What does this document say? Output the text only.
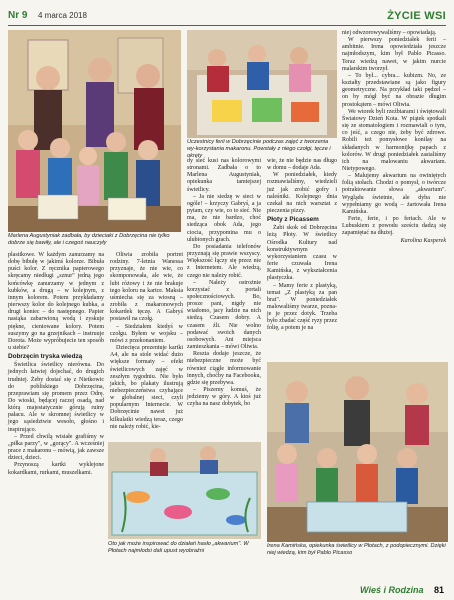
Nr 9 4 marca 2018	ŻYCIE WSI
Marlena Augustyniak zadbała, by dzieciaki z Dobrzęcina nie tylko dobrze się bawiły, ale i czegoś nauczyły
Uczestnicy ferii w Dobrzęcinie podczas zajęć z tworzenia wy-korzystania makaronu. Powstały z niego czołgi, tęcze i okręty
Oto jak może inspirować do działań hasło „akwarium". W Płotach najmłodsi dali upust wyobraźni
Irena Kamińska, opiekunka świetlicy w Płotach, z podopiecznymi. Dzięki niej wiedzą, kim był Pablo Picasso

plastikowe. W każdym zanurzamy na dobę bibułę w jakimś kolorze. Bibuła puści kolor. Z ręcznika papierowego skręcamy niedługi „sznur" jedną jego końcówkę zanurzamy w jednym z kubków, a drugą – w kolejnym, z innym kolorem. Potem przykładamy pierwszy kolor do kolejnego kubka, a drugi koniec – do następnego. Papier nasiąka zabarwioną wodą i zyskuje piękne, cieniowane kolory. Potem suszymy go na grzejnikach – instruuje Dorota. Może wypróbujecie ten sposób u siebie?

Dobrzęcin tryska wiedzą

Świetlica świetlicy nierówna. Do jednych łatwiej dojechać, do drugich trudniej. Żeby dostać się z Nietkowic do pobliskiego Dobrzęcina, przeprawiam się promem przez Odrę. Do wioski, będącej raczej osadą, nad którą majestatycznie górują ruiny pałacu. Ale w skromnej świetlicy w jego sąsiedztwie wesoło, głośno i inspirująco.

– Przed chwilą wisiałe grafiśmy w „piłka parzy", w „gorący". A wcześniej prace z makaronu – mówią, jak zawsze dzieci, dzieci.

Przynoszą kartki wyklejone kokardkami, rurkami, muszelkami.

Oliwia zrobiła portret rodziny. 7-letnia Wanessa przyznaje, że nie wie, co skomponowała, ale wie, że lubi różowy i że nie brakuje tego koloru na kartce. Maksia uśmiecha się za wiosną – zrobiła z makaronowych kokardek tęczę. A Gabryś postawił na czołg.

– Siedziałem kiedyś w czołgu. Byłem w wojsku – mówi z przekonaniem.

Dziecięca prezentuje kartki A4, ale na stole widać dużo większe formaty – efekt świetlicowych zajęć w zeszłym tygodniu. Nie było jakich, bo plakaty ilustrują niebezpieczeństwa czyhające w globalnej sieci, czyli popularnym Internecie. W Dobrzęcinie nawet już kilkulatki wiedzą teraz, czego nie należy robić, kie-

dy sieć kusi nas kolorowymi stronami. Zadbała o to Marlena Augustyniak, opiekunka tamtejszej świetlicy.

– Ja nie siedzę w sieci w ogóle! – krzyczy Gabryś, a ja pytam, czy wie, co to sieć. Nie ma, że nie bardzo, choć siedząca obok Ada, jego ciocia, przypomina mu o ulubionych grach.

Do posiadania telefonów przyznają się prawie wszyscy. Większość łączy się przez nie z Internetem. Ale wiedzą, czego nie należy robić.

– Należy ostrożnie korzystać z portali społecznościowych. Bo, prosze pani, nigdy nie wiadomo, jacy ludzie na nich siedzą. Czasem dobry. A czasem źli. Nie wolno podawać swoich danych osobowych. Ani miejsca zamieszkania – mówi Oliwia.

Reszta dodaje jeszcze, że niebezpieczne może być również ciągłe informowanie innych, choćby na Facebooku, gdzie się przebywa.

– Piszemy komuś, że jedziemy w góry. A ktoś już czyha na nasz dobytek, bo

wie, że nie będzie nas długo w domu – dodaje Ada.

W poniedziałek, kiedy rozmawialiśmy, wiedzieli już jak zrobić gofry i naleśniki. Kolejnego dnia czekał na nich warsztat z pieczenia pizzy.

Płoty z Picassem

Żabi skok od Dobrzęcina leżą Płoty. W świetlicy Ośrodka Kultury nad konstruktywnym wykorzystaniem czasu w ferie czuwała Irena Kamińska, z wykształcenia plastyczka.

– Mamy ferie z plastyką, temat „Z plastyką za pan brat". W poniedziałek malowaliśmy twarze, pozna-je je przez dotyk. Trzeba było zbadać część ryzy przez folię, a potem je na

niej odwzorowywaliśmy – opowiadają.

W pierwszy poniedziałek ferii – ambitnie. Irena opowiedziała jeszcze najmłodszym, kim był Pablo Picasso. Teraz wiedzą nawet, w jakim nurcie malarskim tworzył.

– To był... cybra... kubizm. No, ze kształty przedstawiane są jako figury geometryczne. Na przykład taki pędzel – on by mógł być na obrazie długim prostokątem – mówi Oliwia.

We wtorek byli rzeźbiarami i świętowali Światowy Dzień Kota. W piątek spotkali się ze stomatologiem i rozmawiali o tym, co jeść, a czego nie, żeby być zdrowe. Robili też pomysłowe konilay na składanych w harmonijkę papach z kolorów. W drugi poniedziałek zastaliśmy ich na malowaniu akwariam. Nietypowego.

– Malujemy akwarium na owiniętych folią stołach. Chodzi o pomysł, o twórcze potraktowanie słowa „akwarium". Wyglądu świetnie, ale dyba nie wypełniamy go wodą – żartowała Irena Kamińska.

Ferie, ferie, i po feriach. Ale w Lubuskiem z powodu sześciu dadzą się zapamiętać na dłużej.

Karolina Kasperek

Wieś i Rodzina 81
